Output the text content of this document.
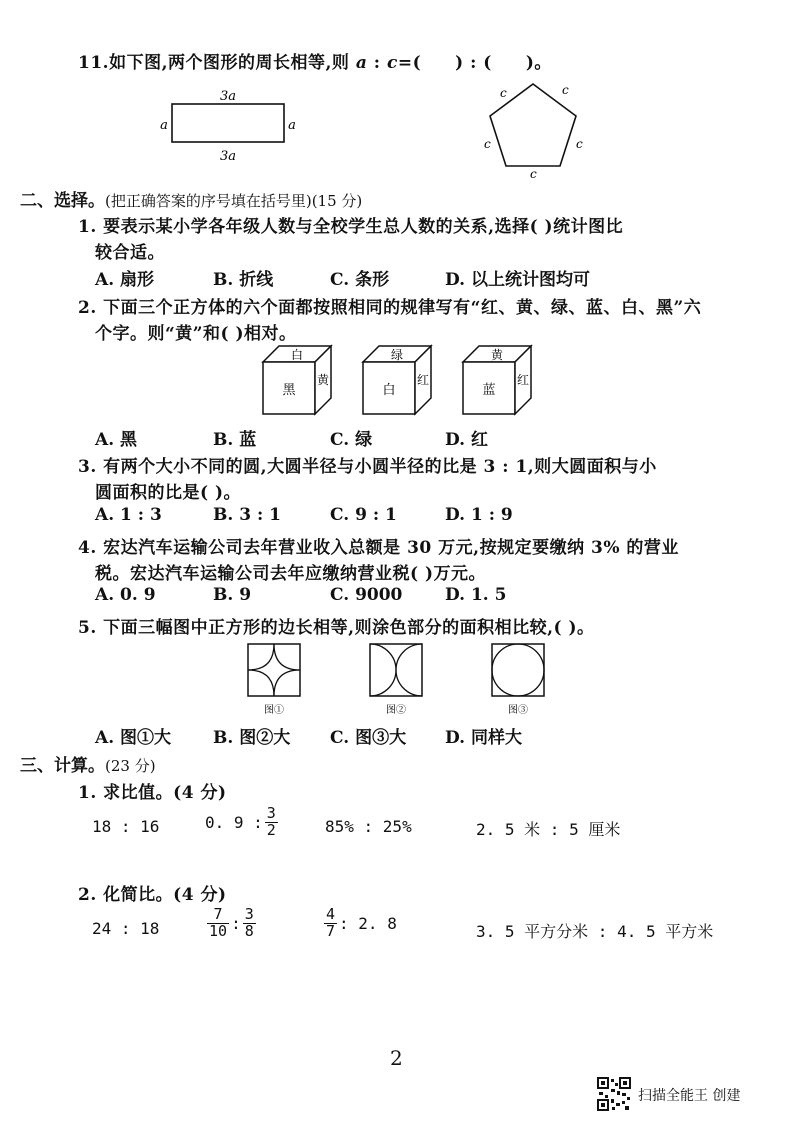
11.如下图,两个图形的周长相等,则 a : c=( ) : ( )。
3a
3a
a	a
c	c
c	c
c
二、选择。(把正确答案的序号填在括号里)(15 分)
1. 要表示某小学各年级人数与全校学生总人数的关系,选择( )统计图比
较合适。
A. 扇形	B. 折线	C. 条形	D. 以上统计图均可
2. 下面三个正方体的六个面都按照相同的规律写有“红、黄、绿、蓝、白、黑”六
个字。则“黄”和( )相对。
白
黑
黄
绿
白
红
黄
蓝
红
A. 黑	B. 蓝	C. 绿	D. 红
3. 有两个大小不同的圆,大圆半径与小圆半径的比是 3 : 1,则大圆面积与小
圆面积的比是( )。
A. 1 : 3	B. 3 : 1	C. 9 : 1	D. 1 : 9
4. 宏达汽车运输公司去年营业收入总额是 30 万元,按规定要缴纳 3% 的营业
税。宏达汽车运输公司去年应缴纳营业税( )万元。
A. 0. 9	B. 9	C. 9000	D. 1. 5
5. 下面三幅图中正方形的边长相等,则涂色部分的面积相比较,( )。
图①	图②	图③
A. 图①大 B. 图②大 C. 图③大 D. 同样大
三、计算。(23 分)
1. 求比值。(4 分)
18 : 16	0. 9 : $\frac{3}{2}$	85% : 25%	2. 5 米 : 5 厘米
2. 化简比。(4 分)
24 : 18	$\frac{7}{10}$ : $\frac{3}{8}$	$\frac{4}{7}$ : 2. 8	3. 5 平方分米 : 4. 5 平方米
2
扫描全能王 创建
